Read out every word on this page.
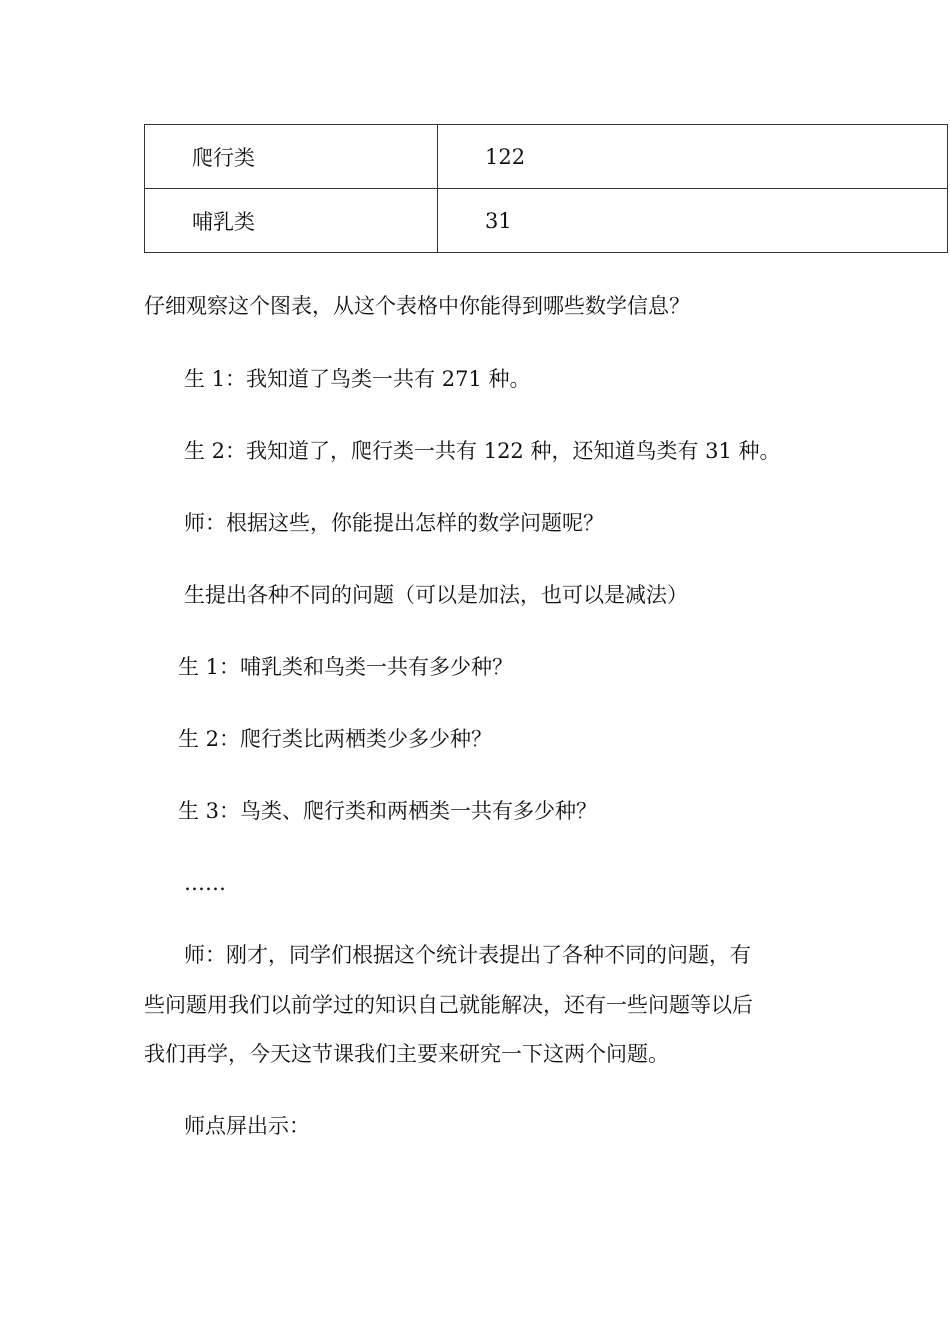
爬行类	122
哺乳类	31
仔细观察这个图表，从这个表格中你能得到哪些数学信息？
生 1：我知道了鸟类一共有 271 种。
生 2：我知道了，爬行类一共有 122 种，还知道鸟类有 31 种。
师：根据这些，你能提出怎样的数学问题呢？
生提出各种不同的问题（可以是加法，也可以是减法）
生 1：哺乳类和鸟类一共有多少种？
生 2：爬行类比两栖类少多少种？
生 3：鸟类、爬行类和两栖类一共有多少种？
……
师：刚才，同学们根据这个统计表提出了各种不同的问题，有
些问题用我们以前学过的知识自己就能解决，还有一些问题等以后
我们再学，今天这节课我们主要来研究一下这两个问题。
师点屏出示：
